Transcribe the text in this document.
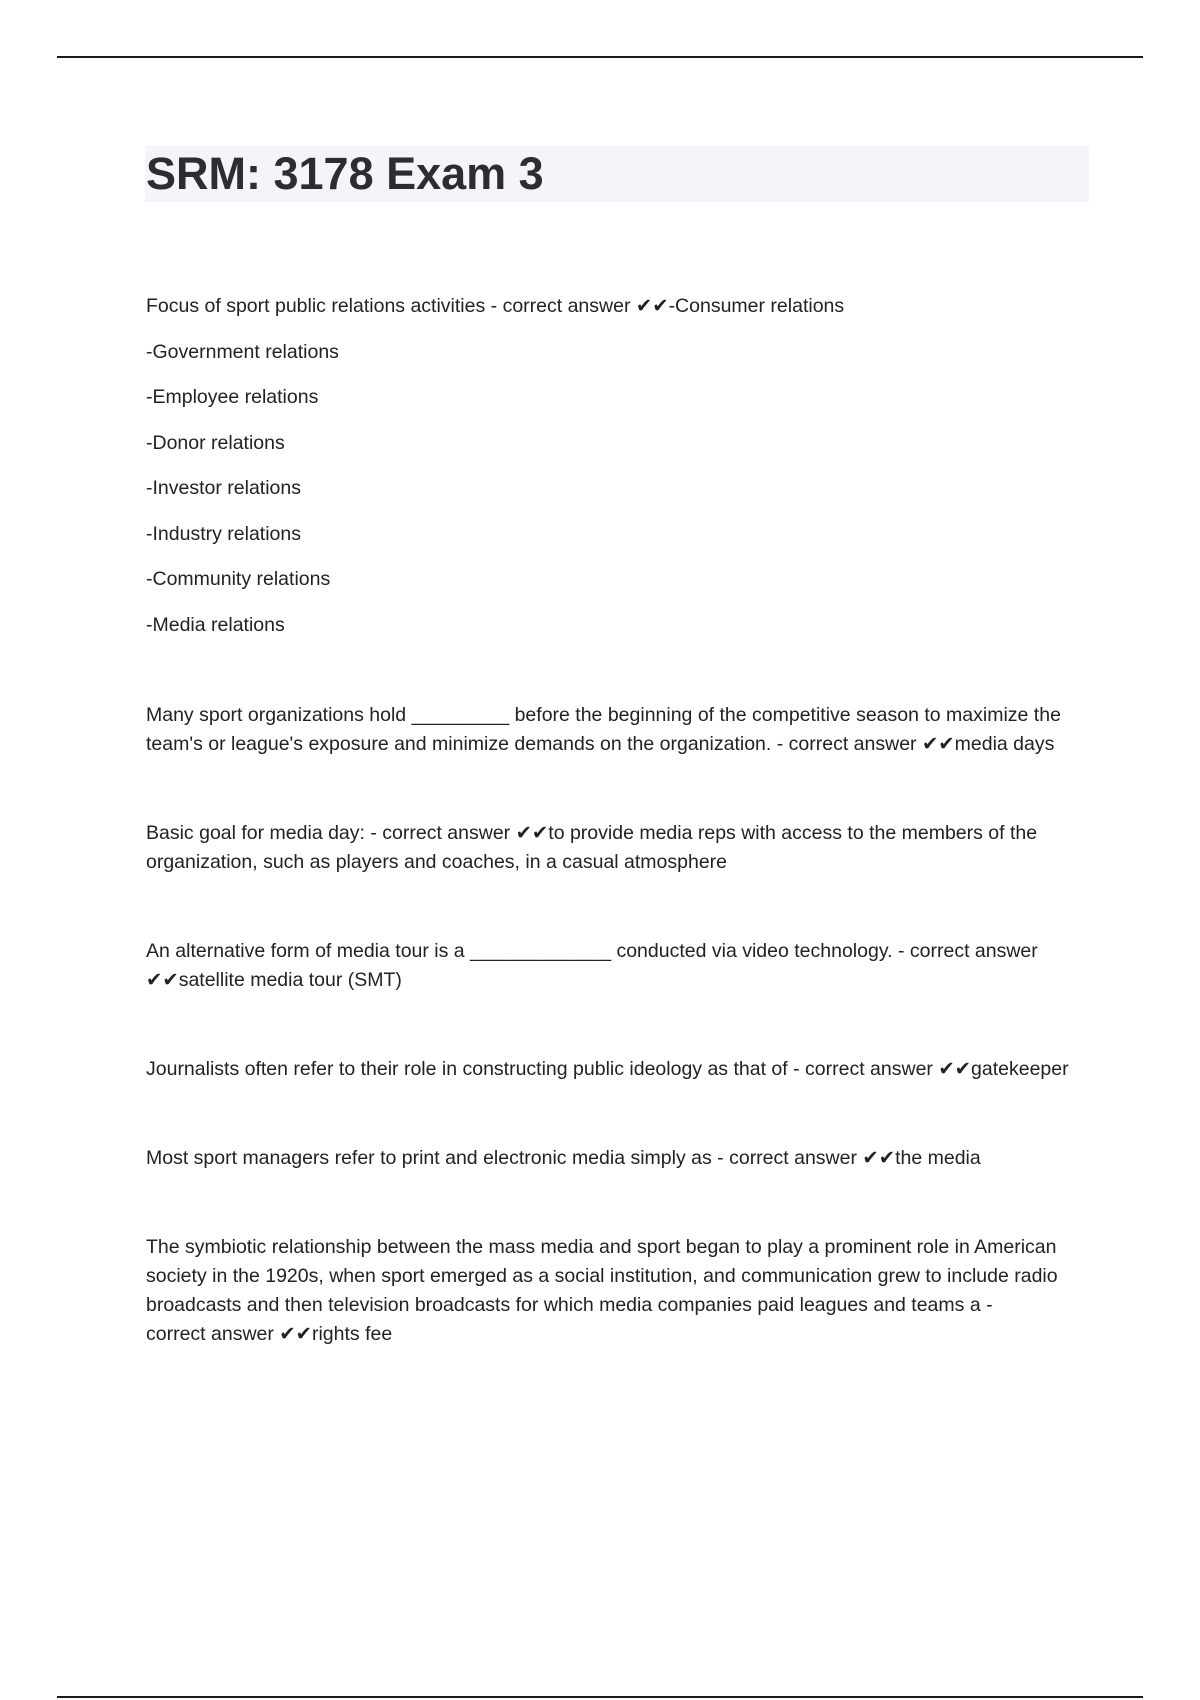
SRM: 3178 Exam 3

Focus of sport public relations activities - correct answer ✔✔-Consumer relations

-Government relations

-Employee relations

-Donor relations

-Investor relations

-Industry relations

-Community relations

-Media relations

Many sport organizations hold _________ before the beginning of the competitive season to maximize the team's or league's exposure and minimize demands on the organization. - correct answer ✔✔media days

Basic goal for media day: - correct answer ✔✔to provide media reps with access to the members of the organization, such as players and coaches, in a casual atmosphere

An alternative form of media tour is a _____________ conducted via video technology. - correct answer ✔✔satellite media tour (SMT)

Journalists often refer to their role in constructing public ideology as that of - correct answer ✔✔gatekeeper

Most sport managers refer to print and electronic media simply as - correct answer ✔✔the media

The symbiotic relationship between the mass media and sport began to play a prominent role in American society in the 1920s, when sport emerged as a social institution, and communication grew to include radio broadcasts and then television broadcasts for which media companies paid leagues and teams a - correct answer ✔✔rights fee
